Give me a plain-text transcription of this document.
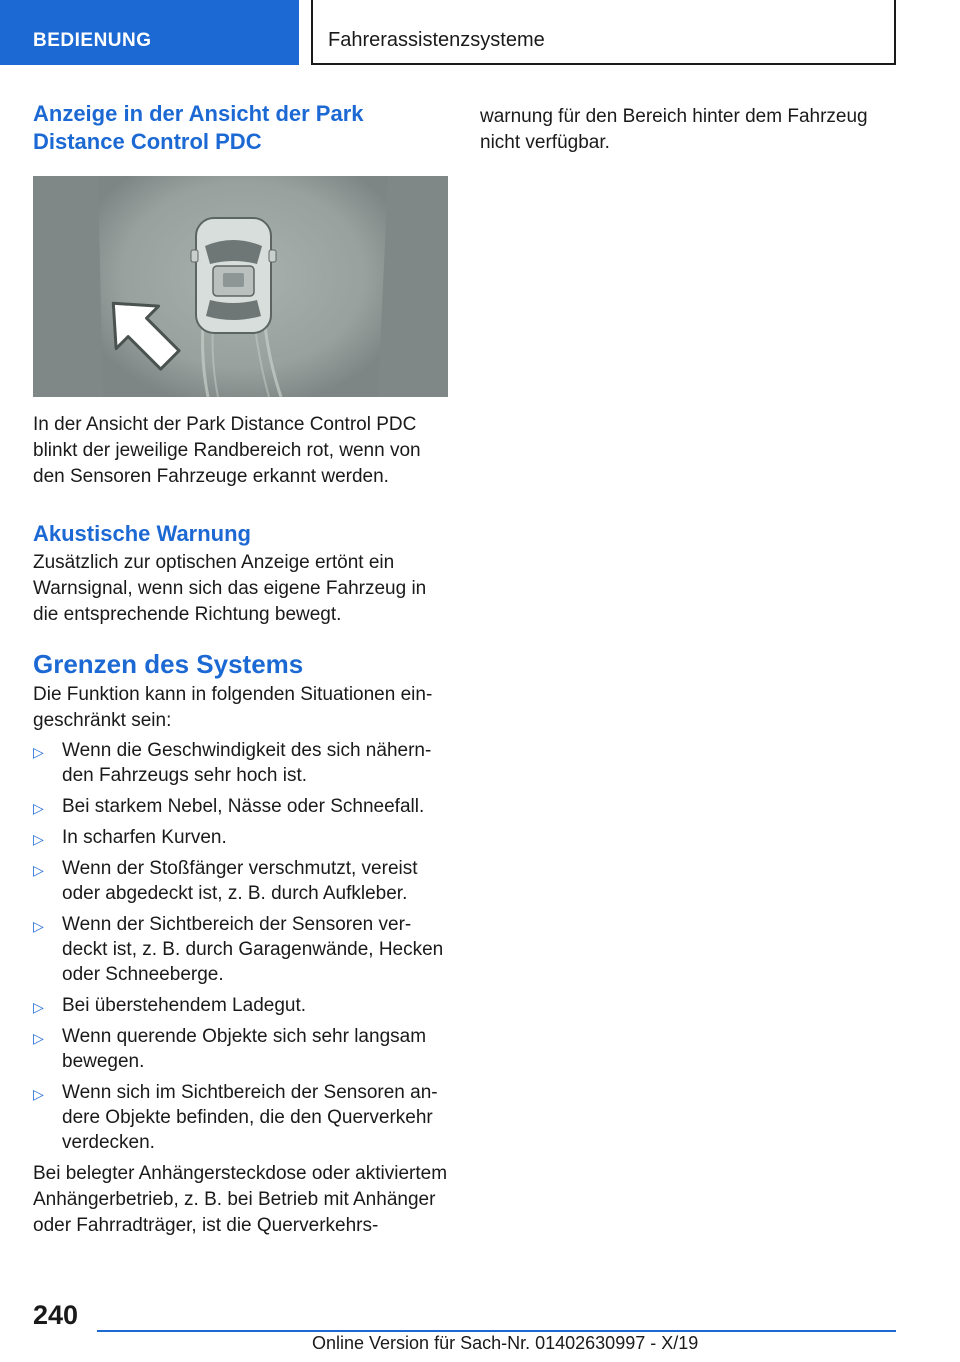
BEDIENUNG	Fahrerassistenzsysteme
Anzeige in der Ansicht der Park Distance Control PDC

In der Ansicht der Park Distance Control PDC blinkt der jeweilige Randbereich rot, wenn von den Sensoren Fahrzeuge erkannt werden.

Akustische Warnung

Zusätzlich zur optischen Anzeige ertönt ein Warnsignal, wenn sich das eigene Fahrzeug in die entsprechende Richtung bewegt.

Grenzen des Systems

Die Funktion kann in folgenden Situationen eingeschränkt sein:

▷ Wenn die Geschwindigkeit des sich nähernden Fahrzeugs sehr hoch ist.
▷ Bei starkem Nebel, Nässe oder Schneefall.
▷ In scharfen Kurven.
▷ Wenn der Stoßfänger verschmutzt, vereist oder abgedeckt ist, z. B. durch Aufkleber.
▷ Wenn der Sichtbereich der Sensoren verdeckt ist, z. B. durch Garagenwände, Hecken oder Schneeberge.
▷ Bei überstehendem Ladegut.
▷ Wenn querende Objekte sich sehr langsam bewegen.
▷ Wenn sich im Sichtbereich der Sensoren andere Objekte befinden, die den Querverkehr verdecken.

Bei belegter Anhängersteckdose oder aktiviertem Anhängerbetrieb, z. B. bei Betrieb mit Anhänger oder Fahrradträger, ist die Querverkehrs-

warnung für den Bereich hinter dem Fahrzeug nicht verfügbar.

240
Online Version für Sach-Nr. 01402630997 - X/19
